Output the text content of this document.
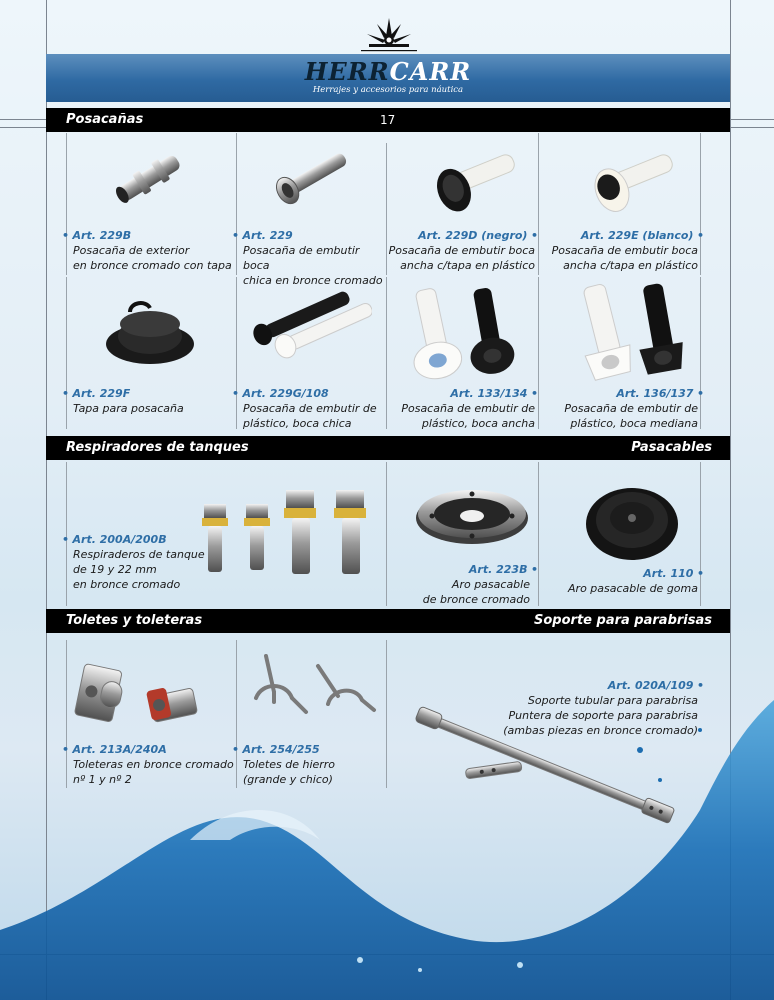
HERRCARR
Herrajes y accesorios para náutica
Posacañas	17
• Art. 229B
Posacaña de exterior
en bronce cromado con tapa
• Art. 229
Posacaña de embutir boca
chica en bronce cromado
Art. 229D (negro) •
Posacaña de embutir boca
ancha c/tapa en plástico
Art. 229E (blanco) •
Posacaña de embutir boca
ancha c/tapa en plástico
• Art. 229F
Tapa para posacaña
• Art. 229G/108
Posacaña de embutir de
plástico, boca chica
Art. 133/134 •
Posacaña de embutir de
plástico, boca ancha
Art. 136/137 •
Posacaña de embutir de
plástico, boca mediana
Respiradores de tanques	Pasacables
• Art. 200A/200B
Respiraderos de tanque
de 19 y 22 mm
en bronce cromado
Art. 223B •
Aro pasacable
de bronce cromado
Art. 110 •
Aro pasacable de goma
Toletes y toleteras	Soporte para parabrisas
• Art. 213A/240A
Toleteras en bronce cromado
nº 1 y nº 2
• Art. 254/255
Toletes de hierro
(grande y chico)
Art. 020A/109 •
Soporte tubular para parabrisa
Puntera de soporte para parabrisa
(ambas piezas en bronce cromado)
